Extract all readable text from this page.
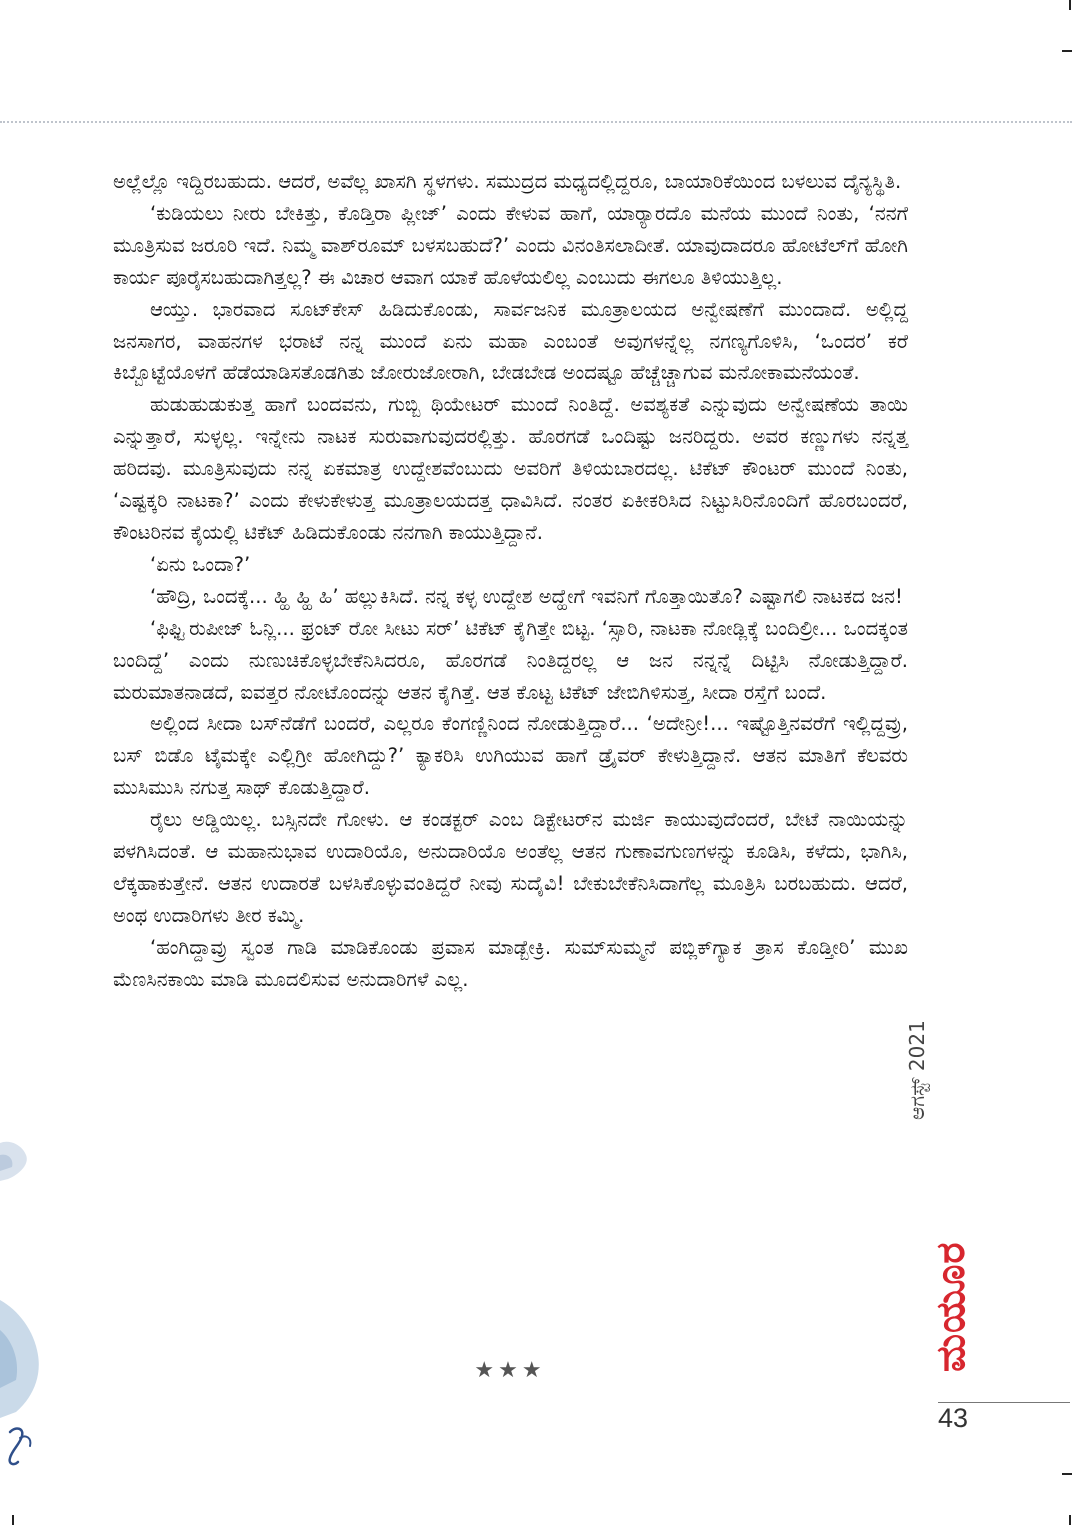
ಅಲ್ಲೆಲ್ಲೊ ಇದ್ದಿರಬಹುದು. ಆದರೆ, ಅವೆಲ್ಲ ಖಾಸಗಿ ಸ್ಥಳಗಳು. ಸಮುದ್ರದ ಮಧ್ಯದಲ್ಲಿದ್ದರೂ, ಬಾಯಾರಿಕೆಯಿಂದ ಬಳಲುವ ದೈನ್ಯಸ್ಥಿತಿ.

‘ಕುಡಿಯಲು ನೀರು ಬೇಕಿತ್ತು, ಕೊಡ್ತಿರಾ ಪ್ಲೀಜ್’ ಎಂದು ಕೇಳುವ ಹಾಗೆ, ಯಾರ್‍ಯಾರದೊ ಮನೆಯ ಮುಂದೆ ನಿಂತು, ‘ನನಗೆ ಮೂತ್ರಿಸುವ ಜರೂರಿ ಇದೆ. ನಿಮ್ಮ ವಾಶ್‌ರೂಮ್ ಬಳಸಬಹುದೆ?’ ಎಂದು ವಿನಂತಿಸಲಾದೀತೆ. ಯಾವುದಾದರೂ ಹೋಟೆಲ್‌ಗೆ ಹೋಗಿ ಕಾರ್ಯ ಪೂರೈಸಬಹುದಾಗಿತ್ತಲ್ಲ? ಈ ವಿಚಾರ ಆವಾಗ ಯಾಕೆ ಹೊಳೆಯಲಿಲ್ಲ ಎಂಬುದು ಈಗಲೂ ತಿಳಿಯುತ್ತಿಲ್ಲ.

ಆಯ್ತು. ಭಾರವಾದ ಸೂಟ್‌ಕೇಸ್ ಹಿಡಿದುಕೊಂಡು, ಸಾರ್ವಜನಿಕ ಮೂತ್ರಾಲಯದ ಅನ್ವೇಷಣೆಗೆ ಮುಂದಾದೆ. ಅಲ್ಲಿದ್ದ ಜನಸಾಗರ, ವಾಹನಗಳ ಭರಾಟೆ ನನ್ನ ಮುಂದೆ ಏನು ಮಹಾ ಎಂಬಂತೆ ಅವುಗಳನ್ನೆಲ್ಲ ನಗಣ್ಯಗೊಳಿಸಿ, ‘ಒಂದರ’ ಕರೆ ಕಿಬ್ಬೊಟ್ಟೆಯೊಳಗೆ ಹೆಡೆಯಾಡಿಸತೊಡಗಿತು ಜೋರುಜೋರಾಗಿ, ಬೇಡಬೇಡ ಅಂದಷ್ಟೂ ಹೆಚ್ಚೆಚ್ಚಾಗುವ ಮನೋಕಾಮನೆಯಂತೆ.

ಹುಡುಹುಡುಕುತ್ತ ಹಾಗೆ ಬಂದವನು, ಗುಬ್ಬಿ ಥಿಯೇಟರ್ ಮುಂದೆ ನಿಂತಿದ್ದೆ. ಅವಶ್ಯಕತೆ ಎನ್ನುವುದು ಅನ್ವೇಷಣೆಯ ತಾಯಿ ಎನ್ನುತ್ತಾರೆ, ಸುಳ್ಳಲ್ಲ. ಇನ್ನೇನು ನಾಟಕ ಸುರುವಾಗುವುದರಲ್ಲಿತ್ತು. ಹೊರಗಡೆ ಒಂದಿಷ್ಟು ಜನರಿದ್ದರು. ಅವರ ಕಣ್ಣುಗಳು ನನ್ನತ್ತ ಹರಿದವು. ಮೂತ್ರಿಸುವುದು ನನ್ನ ಏಕಮಾತ್ರ ಉದ್ದೇಶವೆಂಬುದು ಅವರಿಗೆ ತಿಳಿಯಬಾರದಲ್ಲ. ಟಿಕೆಟ್ ಕೌಂಟರ್ ಮುಂದೆ ನಿಂತು, ‘ಎಷ್ಟಕ್ಕರಿ ನಾಟಕಾ?’ ಎಂದು ಕೇಳುಕೇಳುತ್ತ ಮೂತ್ರಾಲಯದತ್ತ ಧಾವಿಸಿದೆ. ನಂತರ ಏಕೀಕರಿಸಿದ ನಿಟ್ಟುಸಿರಿನೊಂದಿಗೆ ಹೊರಬಂದರೆ, ಕೌಂಟರಿನವ ಕೈಯಲ್ಲಿ ಟಿಕೆಟ್ ಹಿಡಿದುಕೊಂಡು ನನಗಾಗಿ ಕಾಯುತ್ತಿದ್ದಾನೆ.

‘ಏನು ಒಂದಾ?’

‘ಹೌದ್ರಿ, ಒಂದಕ್ಕೆ... ಹ್ಹಿ ಹ್ಹಿ ಹಿ’ ಹಲ್ಲುಕಿಸಿದೆ. ನನ್ನ ಕಳ್ಳ ಉದ್ದೇಶ ಅದ್ಹೇಗೆ ಇವನಿಗೆ ಗೊತ್ತಾಯಿತೊ? ಎಷ್ಟಾಗಲಿ ನಾಟಕದ ಜನ!

‘ಫಿಫ್ಟಿ ರುಪೀಜ್ ಓನ್ಲಿ... ಫ್ರಂಟ್ ರೋ ಸೀಟು ಸರ್’ ಟಿಕೆಟ್ ಕೈಗಿತ್ತೇ ಬಿಟ್ಟ. ‘ಸ್ಸಾರಿ, ನಾಟಕಾ ನೋಡ್ಲಿಕ್ಕೆ ಬಂದಿಲ್ರೀ... ಒಂದಕ್ಕಂತ ಬಂದಿದ್ದೆ’ ಎಂದು ನುಣುಚಿಕೊಳ್ಳಬೇಕೆನಿಸಿದರೂ, ಹೊರಗಡೆ ನಿಂತಿದ್ದರಲ್ಲ ಆ ಜನ ನನ್ನನ್ನೆ ದಿಟ್ಟಿಸಿ ನೋಡುತ್ತಿದ್ದಾರೆ. ಮರುಮಾತನಾಡದೆ, ಐವತ್ತರ ನೋಟೊಂದನ್ನು ಆತನ ಕೈಗಿತ್ತೆ. ಆತ ಕೊಟ್ಟ ಟಿಕೆಟ್ ಜೇಬಿಗಿಳಿಸುತ್ತ, ಸೀದಾ ರಸ್ತೆಗೆ ಬಂದೆ.

ಅಲ್ಲಿಂದ ಸೀದಾ ಬಸ್‌ನೆಡೆಗೆ ಬಂದರೆ, ಎಲ್ಲರೂ ಕೆಂಗಣ್ಣಿನಿಂದ ನೋಡುತ್ತಿದ್ದಾರೆ... ‘ಅದೇನ್ರೀ!... ಇಷ್ಟೊತ್ತಿನವರೆಗೆ ಇಲ್ಲಿದ್ದವ್ರು, ಬಸ್ ಬಿಡೊ ಟೈಮಕ್ಕೇ ಎಲ್ಲಿಗ್ರೀ ಹೋಗಿದ್ದು?’ ಕ್ಯಾಕರಿಸಿ ಉಗಿಯುವ ಹಾಗೆ ಡ್ರೈವರ್ ಕೇಳುತ್ತಿದ್ದಾನೆ. ಆತನ ಮಾತಿಗೆ ಕೆಲವರು ಮುಸಿಮುಸಿ ನಗುತ್ತ ಸಾಥ್ ಕೊಡುತ್ತಿದ್ದಾರೆ.

ರೈಲು ಅಡ್ಡಿಯಿಲ್ಲ. ಬಸ್ಸಿನದೇ ಗೋಳು. ಆ ಕಂಡಕ್ಟರ್ ಎಂಬ ಡಿಕ್ಟೇಟರ್‌ನ ಮರ್ಜಿ ಕಾಯುವುದೆಂದರೆ, ಬೇಟೆ ನಾಯಿಯನ್ನು ಪಳಗಿಸಿದಂತೆ. ಆ ಮಹಾನುಭಾವ ಉದಾರಿಯೊ, ಅನುದಾರಿಯೊ ಅಂತೆಲ್ಲ ಆತನ ಗುಣಾವಗುಣಗಳನ್ನು ಕೂಡಿಸಿ, ಕಳೆದು, ಭಾಗಿಸಿ, ಲೆಕ್ಕಹಾಕುತ್ತೇನೆ. ಆತನ ಉದಾರತೆ ಬಳಸಿಕೊಳ್ಳುವಂತಿದ್ದರೆ ನೀವು ಸುದೈವಿ! ಬೇಕುಬೇಕೆನಿಸಿದಾಗೆಲ್ಲ ಮೂತ್ರಿಸಿ ಬರಬಹುದು. ಆದರೆ, ಅಂಥ ಉದಾರಿಗಳು ತೀರ ಕಮ್ಮಿ.

‘ಹಂಗಿದ್ದಾವ್ರು ಸ್ವಂತ ಗಾಡಿ ಮಾಡಿಕೊಂಡು ಪ್ರವಾಸ ಮಾಡ್ಬೇಕ್ರಿ. ಸುಮ್‌ಸುಮ್ಮನೆ ಪಬ್ಲಿಕ್‌ಗ್ಯಾಕ ತ್ರಾಸ ಕೊಡ್ತೀರಿ’ ಮುಖ ಮೆಣಸಿನಕಾಯಿ ಮಾಡಿ ಮೂದಲಿಸುವ ಅನುದಾರಿಗಳೆ ಎಲ್ಲ.

★★★
ಆಗಸ್ಟ್ 2021
ಮಯೂರ
43
